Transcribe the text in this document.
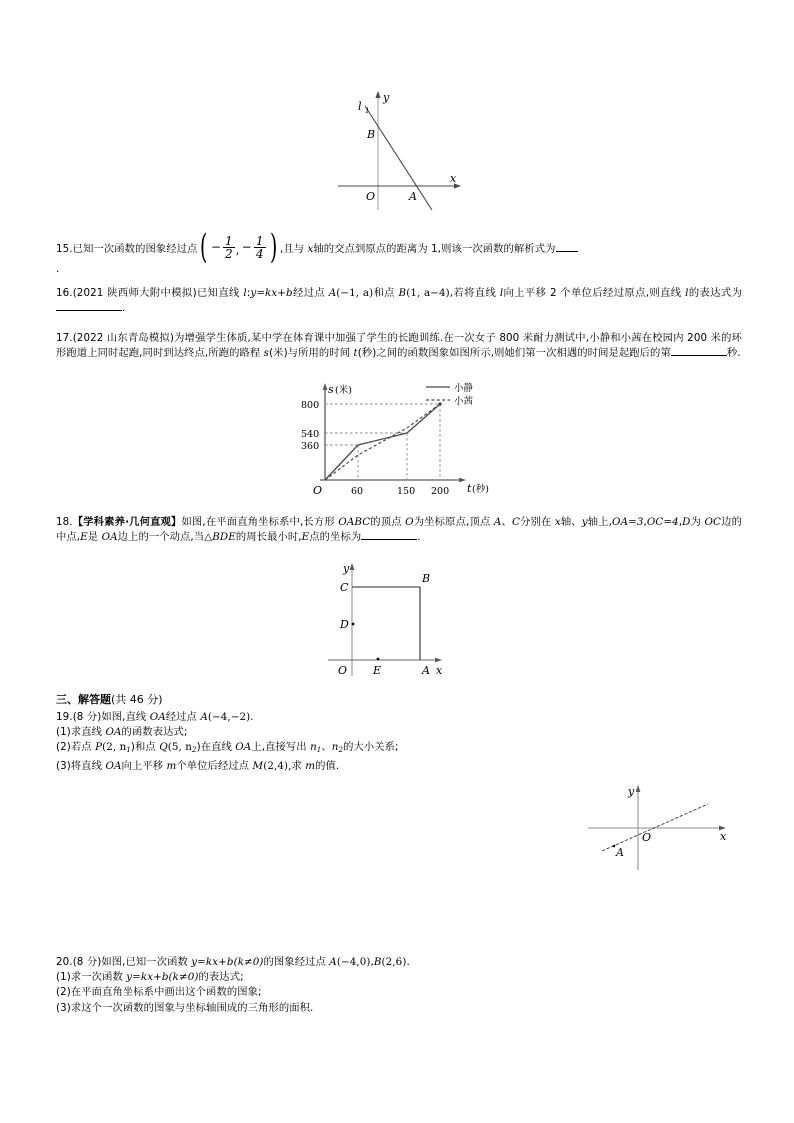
l 1
y
x
O
B
A
15.已知一次函数的图象经过点 ( − $\frac{1}{2}$ , − $\frac{1}{4}$ ) ,且与 x轴的交点到原点的距离为 1,则该一次函数的解析式为
.
16.(2021 陕西师大附中模拟)已知直线 l:y=kx+b经过点 A(−1, a)和点 B(1, a−4),若将直线 l向上平移 2 个单位后经过原点,则直线 l的表达式为.
17.(2022 山东青岛模拟)为增强学生体质,某中学在体育课中加强了学生的长跑训练.在一次女子 800 米耐力测试中,小静和小茜在校园内 200 米的环形跑道上同时起跑,同时到达终点,所跑的路程 s(米)与所用的时间 t(秒)之间的函数图象如图所示,则她们第一次相遇的时间是起跑后的第	秒.
800
540
360
60	150 200
O
s (米)
t (秒)
小静
小茜
18.【学科素养·几何直观】如图,在平面直角坐标系中,长方形 OABC的顶点 O为坐标原点,顶点 A、C分别在 x轴、y轴上,OA=3,OC=4,D为 OC边的中点,E是 OA边上的一个动点,当△BDE的周长最小时,E点的坐标为	.
y
x
O	A
B
C
D
E
三、解答题(共 46 分)
19.(8 分)如图,直线 OA经过点 A(−4,−2).
(1)求直线 OA的函数表达式;
(2)若点 P(2, $n_1$)和点 Q(5, $n_2$)在直线 OA上,直接写出 $n_1$、$n_2$的大小关系;
(3)将直线 OA向上平移 m个单位后经过点 M(2,4),求 m的值.
y
x
O
A
20.(8 分)如图,已知一次函数 y=kx+b(k≠0)的图象经过点 A(−4,0),B(2,6).
(1)求一次函数 y=kx+b(k≠0)的表达式;
(2)在平面直角坐标系中画出这个函数的图象;
(3)求这个一次函数的图象与坐标轴围成的三角形的面积.
